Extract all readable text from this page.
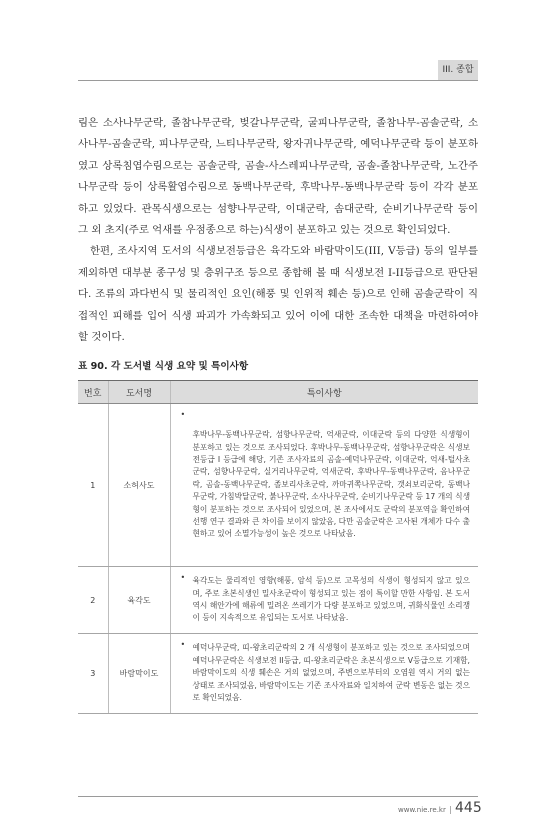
III. 종합

림은 소사나무군락, 졸참나무군락, 벚갈나무군락, 굴피나무군락, 졸참나무-곰솔군락, 소사나무-곰솔군락, 피나무군락, 느티나무군락, 왕자귀나무군락, 예덕나무군락 등이 분포하였고 상록침엽수림으로는 곰솔군락, 곰솔-사스레피나무군락, 곰솔-졸참나무군락, 노간주나무군락 등이 상록활엽수림으로 동백나무군락, 후박나무-동백나무군락 등이 각각 분포하고 있었다. 관목식생으로는 섬향나무군락, 이대군락, 솜대군락, 순비기나무군락 등이 그 외 초지(주로 억새를 우점종으로 하는)식생이 분포하고 있는 것으로 확인되었다.

한편, 조사지역 도서의 식생보전등급은 육각도와 바람막이도(III, V등급) 등의 일부를 제외하면 대부분 종구성 및 층위구조 등으로 종합해 볼 때 식생보전 I-II등급으로 판단된다. 조류의 과다번식 및 물리적인 요인(해풍 및 인위적 훼손 등)으로 인해 곰솔군락이 직접적인 피해를 입어 식생 파괴가 가속화되고 있어 이에 대한 조속한 대책을 마련하여야 할 것이다.

표 90. 각 도서별 식생 요약 및 특이사항
번호	도서명	특이사항
1	소허사도	•
후박나무-동백나무군락, 섬향나무군락, 억새군락, 이대군락 등의 다양한 식생형이 분포하고 있는 것으로 조사되었다. 후박나무-동백나무군락, 섬향나무군락은 식생보전등급 I 등급에 해당, 기존 조사자료의 곰솔-예덕나무군락, 이대군락, 억새-털사초군락, 섬향나무군락, 실거리나무군락, 억새군락, 후박나무-동백나무군락, 음나무군락, 곰솔-동백나무군락, 졸보리사초군락, 까마귀쪽나무군락, 갯쇠보리군락, 동백나무군락, 가침박달군락, 붉나무군락, 소사나무군락, 순비기나무군락 등 17 개의 식생형이 분포하는 것으로 조사되어 있었으며, 본 조사에서도 군락의 분포역을 확인하여 선행 연구 결과와 큰 차이를 보이지 않았음, 다만 곰솔군락은 고사된 개체가 다수 출현하고 있어 소멸가능성이 높은 것으로 나타났음.
2	육각도	• 육각도는 물리적인 영향(해풍, 암석 등)으로 고목성의 식생이 형성되지 않고 있으며, 주로 초본식생인 밀사초군락이 형성되고 있는 점이 특이할 만한 사항임. 본 도서 역시 해안가에 해류에 밀려온 쓰레기가 다량 분포하고 있었으며, 귀화식물인 소리쟁이 등이 지속적으로 유입되는 도서로 나타났음.
3	바람막이도	• 예덕나무군락, 띠-왕초리군락의 2 개 식생형이 분포하고 있는 것으로 조사되었으며 예덕나무군락은 식생보전 II등급, 띠-왕초리군락은 초본식생으로 V등급으로 기재함, 바람막이도의 식생 훼손은 거의 없었으며, 주변으로부터의 오염원 역시 거의 없는 상태로 조사되었음, 바람막이도는 기존 조사자료와 일치하여 군락 변동은 없는 것으로 확인되었음.
www.nie.re.kr | 445
